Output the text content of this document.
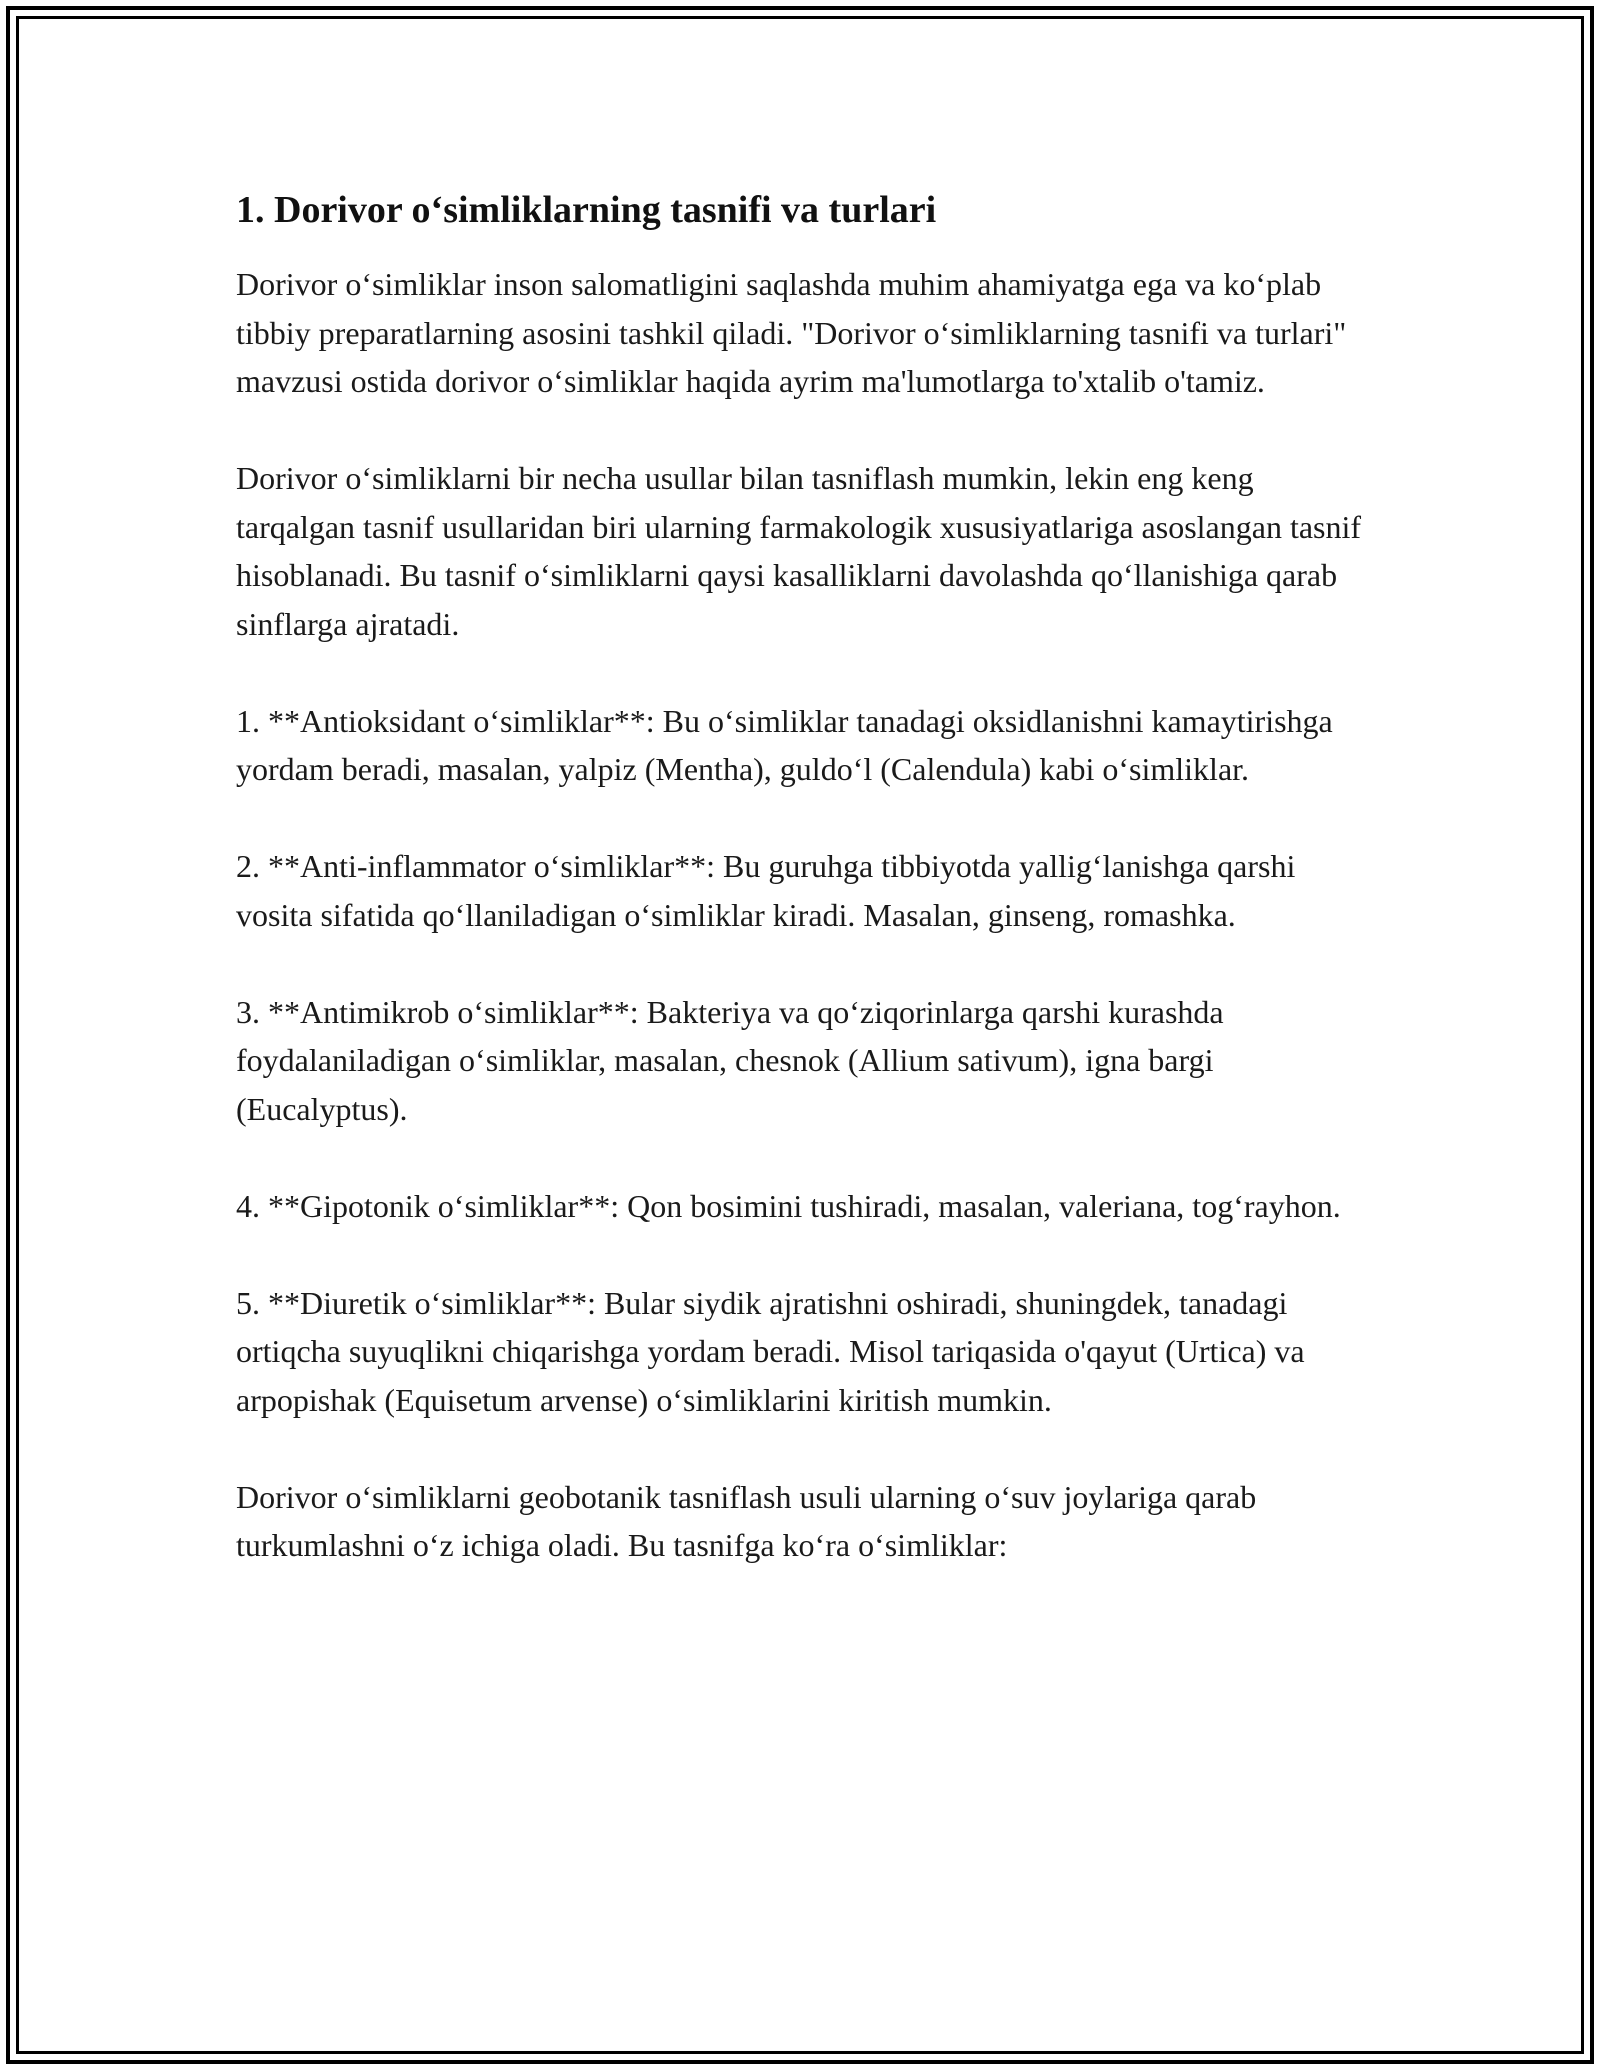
1. Dorivor o‘simliklarning tasnifi va turlari

Dorivor o‘simliklar inson salomatligini saqlashda muhim ahamiyatga ega va ko‘plab tibbiy preparatlarning asosini tashkil qiladi. "Dorivor o‘simliklarning tasnifi va turlari" mavzusi ostida dorivor o‘simliklar haqida ayrim ma'lumotlarga to'xtalib o'tamiz.

Dorivor o‘simliklarni bir necha usullar bilan tasniflash mumkin, lekin eng keng tarqalgan tasnif usullaridan biri ularning farmakologik xususiyatlariga asoslangan tasnif hisoblanadi. Bu tasnif o‘simliklarni qaysi kasalliklarni davolashda qo‘llanishiga qarab sinflarga ajratadi.

1. **Antioksidant o‘simliklar**: Bu o‘simliklar tanadagi oksidlanishni kamaytirishga yordam beradi, masalan, yalpiz (Mentha), guldo‘l (Calendula) kabi o‘simliklar.

2. **Anti-inflammator o‘simliklar**: Bu guruhga tibbiyotda yallig‘lanishga qarshi vosita sifatida qo‘llaniladigan o‘simliklar kiradi. Masalan, ginseng, romashka.

3. **Antimikrob o‘simliklar**: Bakteriya va qo‘ziqorinlarga qarshi kurashda foydalaniladigan o‘simliklar, masalan, chesnok (Allium sativum), igna bargi (Eucalyptus).

4. **Gipotonik o‘simliklar**: Qon bosimini tushiradi, masalan, valeriana, tog‘rayhon.

5. **Diuretik o‘simliklar**: Bular siydik ajratishni oshiradi, shuningdek, tanadagi ortiqcha suyuqlikni chiqarishga yordam beradi. Misol tariqasida o'qayut (Urtica) va arpopishak (Equisetum arvense) o‘simliklarini kiritish mumkin.

Dorivor o‘simliklarni geobotanik tasniflash usuli ularning o‘suv joylariga qarab turkumlashni o‘z ichiga oladi. Bu tasnifga ko‘ra o‘simliklar:
